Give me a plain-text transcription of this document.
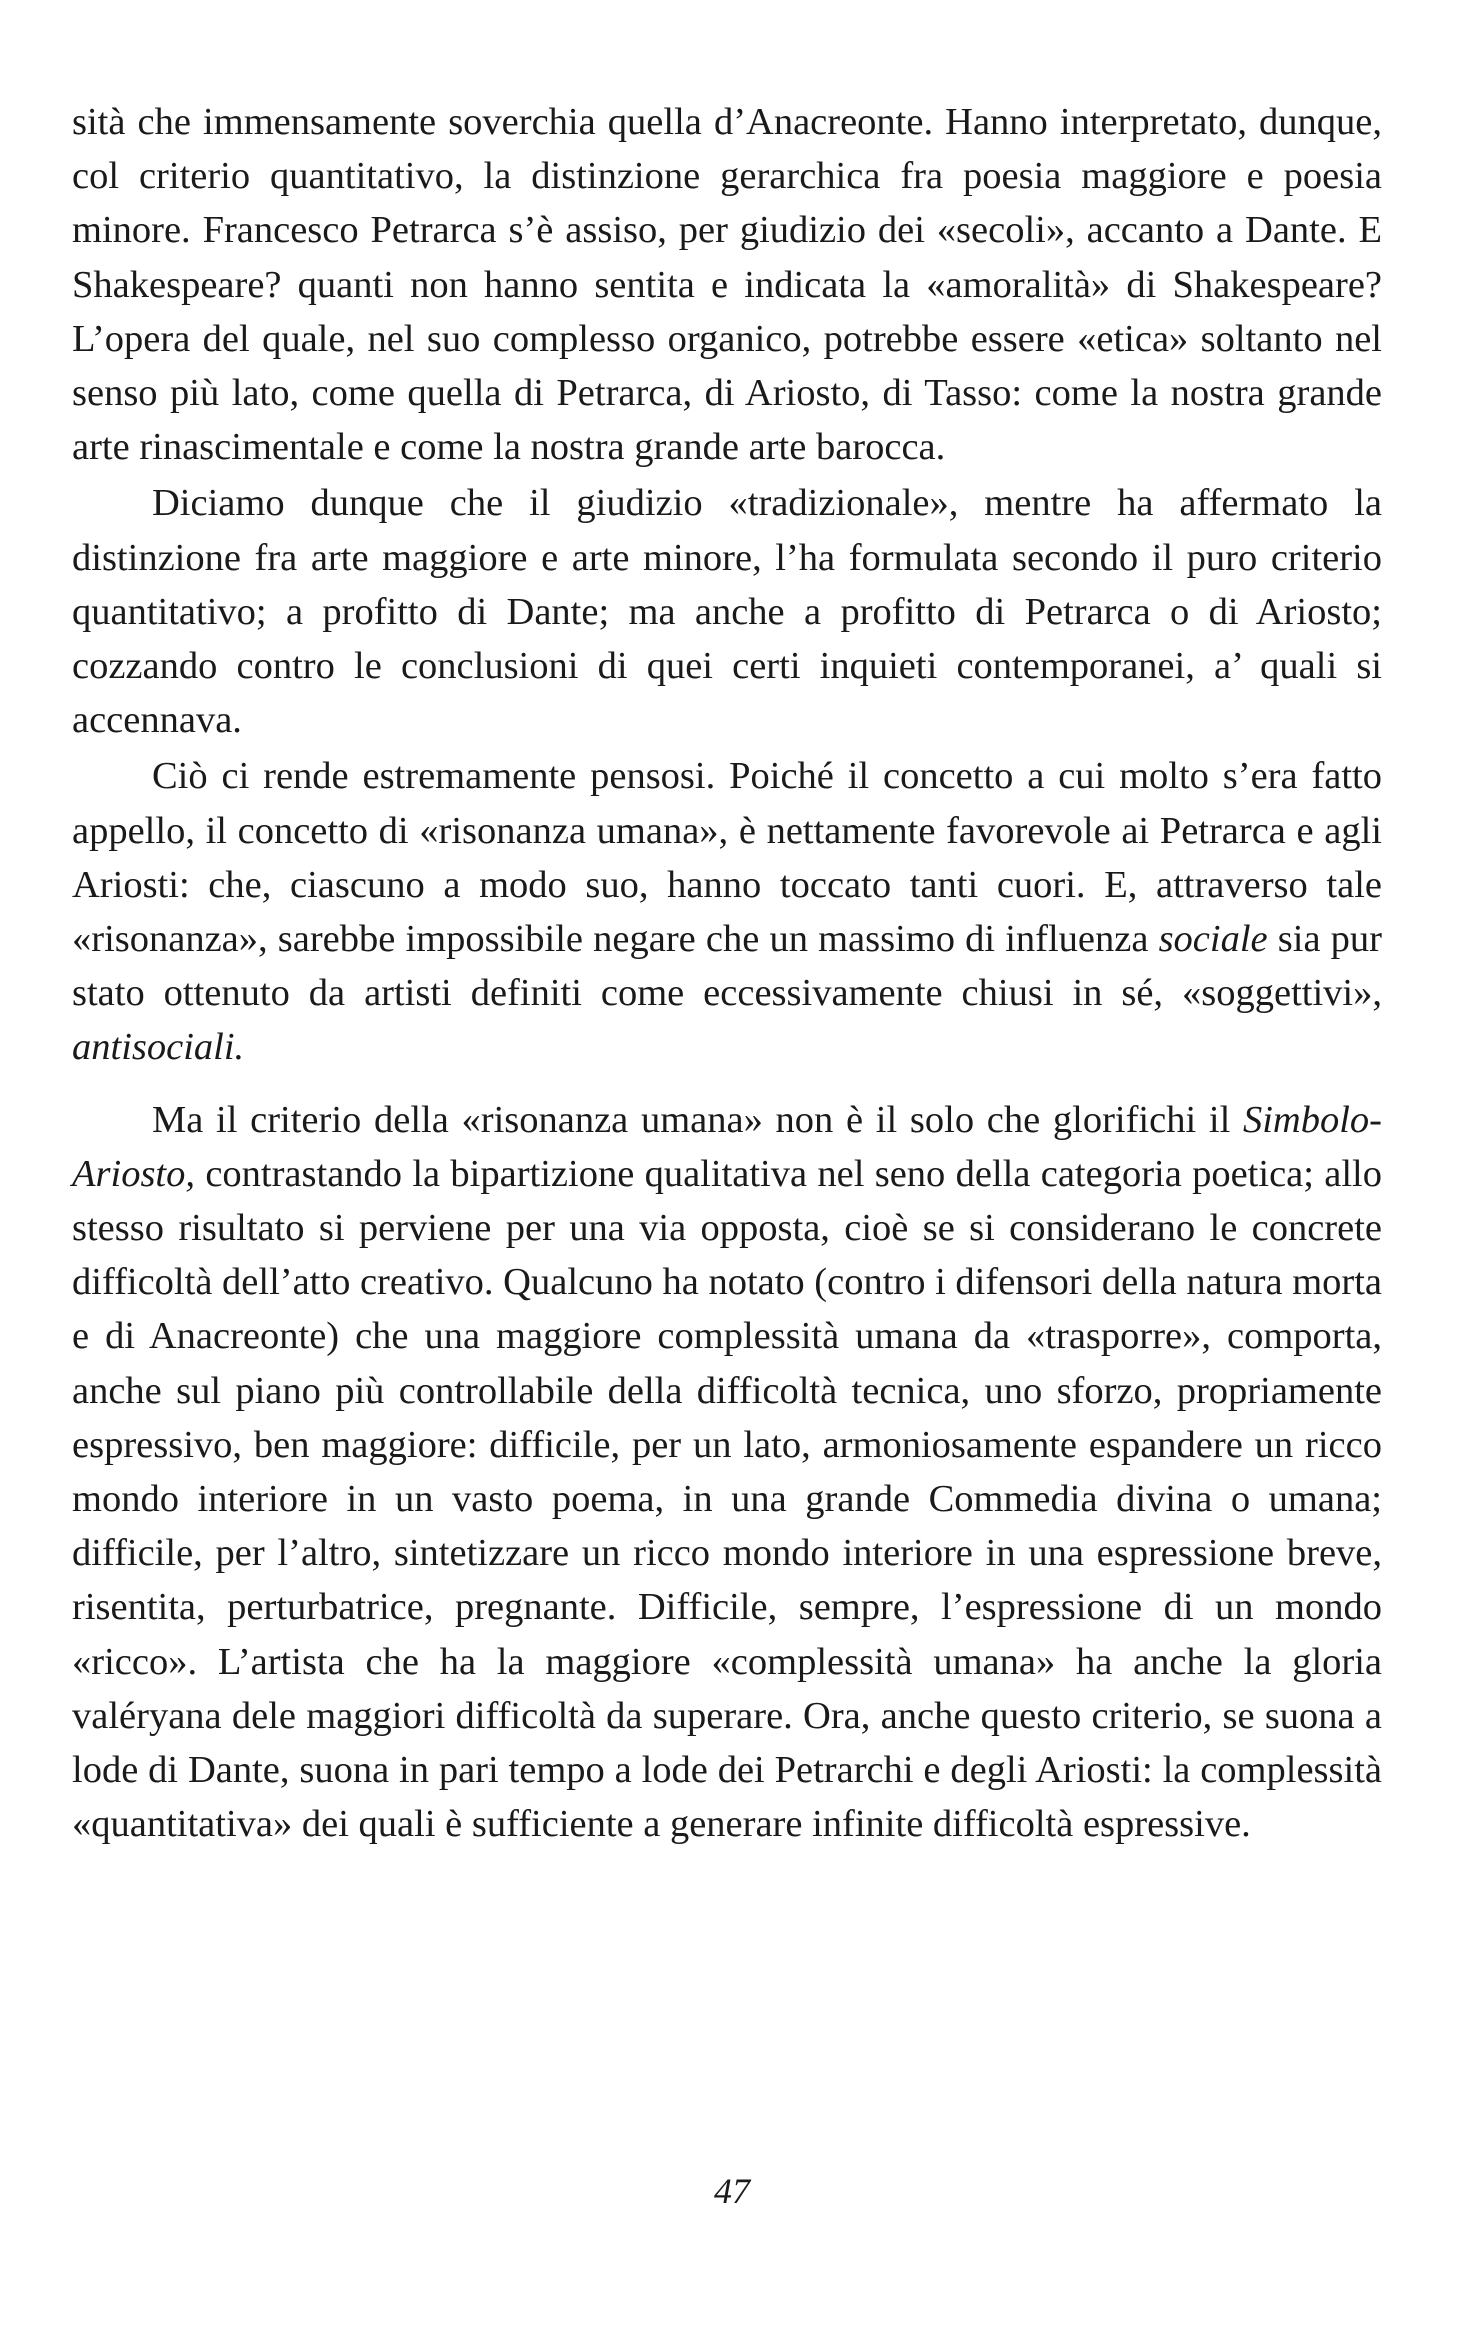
sità che immensamente soverchia quella d’Anacreonte. Hanno interpretato, dunque, col criterio quantitativo, la distinzione gerarchica fra poesia maggiore e poesia minore. Francesco Petrarca s’è assiso, per giudizio dei «secoli», accanto a Dante. E Shakespeare? quanti non hanno sentita e indicata la «amoralità» di Shakespeare? L’opera del quale, nel suo complesso organico, potrebbe essere «etica» soltanto nel senso più lato, come quella di Petrarca, di Ariosto, di Tasso: come la nostra grande arte rinascimentale e come la nostra grande arte barocca.

Diciamo dunque che il giudizio «tradizionale», mentre ha affermato la distinzione fra arte maggiore e arte minore, l’ha formulata secondo il puro criterio quantitativo; a profitto di Dante; ma anche a profitto di Petrarca o di Ariosto; cozzando contro le conclusioni di quei certi inquieti contemporanei, a’ quali si accennava.

Ciò ci rende estremamente pensosi. Poiché il concetto a cui molto s’era fatto appello, il concetto di «risonanza umana», è nettamente favorevole ai Petrarca e agli Ariosti: che, ciascuno a modo suo, hanno toccato tanti cuori. E, attraverso tale «risonanza», sarebbe impossibile negare che un massimo di influenza sociale sia pur stato ottenuto da artisti definiti come eccessivamente chiusi in sé, «soggettivi», antisociali.

Ma il criterio della «risonanza umana» non è il solo che glorifichi il Simbolo-Ariosto, contrastando la bipartizione qualitativa nel seno della categoria poetica; allo stesso risultato si perviene per una via opposta, cioè se si considerano le concrete difficoltà dell’atto creativo. Qualcuno ha notato (contro i difensori della natura morta e di Anacreonte) che una maggiore complessità umana da «trasporre», comporta, anche sul piano più controllabile della difficoltà tecnica, uno sforzo, propriamente espressivo, ben maggiore: difficile, per un lato, armoniosamente espandere un ricco mondo interiore in un vasto poema, in una grande Commedia divina o umana; difficile, per l’altro, sintetizzare un ricco mondo interiore in una espressione breve, risentita, perturbatrice, pregnante. Difficile, sempre, l’espressione di un mondo «ricco». L’artista che ha la maggiore «complessità umana» ha anche la gloria valéryana dele maggiori difficoltà da superare. Ora, anche questo criterio, se suona a lode di Dante, suona in pari tempo a lode dei Petrarchi e degli Ariosti: la complessità «quantitativa» dei quali è sufficiente a generare infinite difficoltà espressive.

47
